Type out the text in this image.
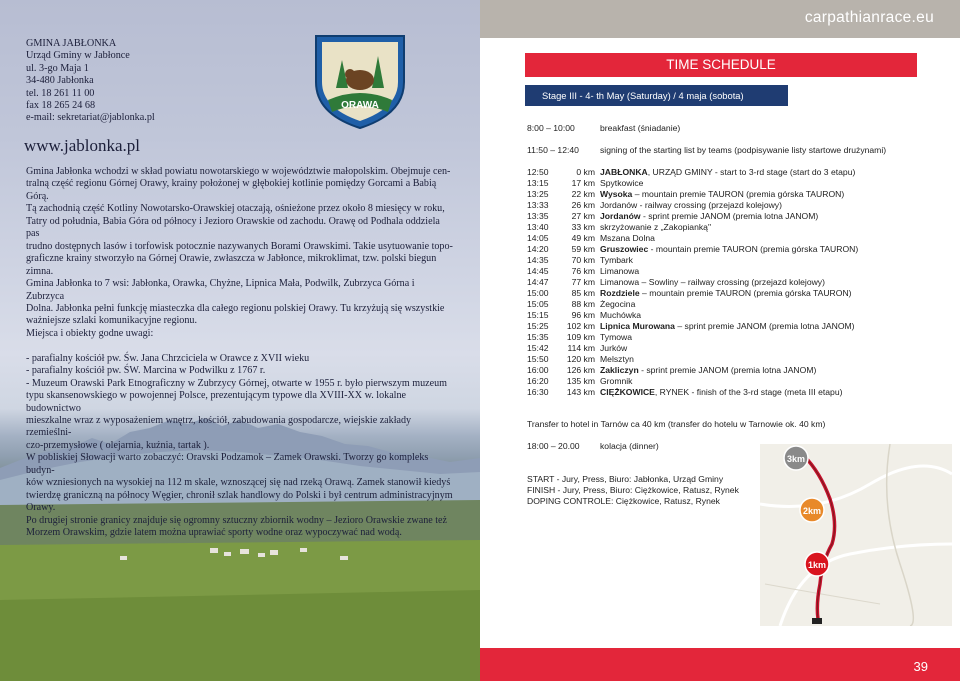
GMINA JABŁONKA
Urząd Gminy w Jabłonce
ul. 3-go Maja 1
34-480 Jabłonka
tel. 18 261 11 00
fax 18 265 24 68
e-mail: sekretariat@jablonka.pl
www.jablonka.pl
ORAWA

Gmina Jabłonka wchodzi w skład powiatu nowotarskiego w województwie małopolskim. Obejmuje cen-
tralną część regionu Górnej Orawy, krainy położonej w głębokiej kotlinie pomiędzy Gorcami a Babią Górą.
Tą zachodnią część Kotliny Nowotarsko-Orawskiej otaczają, ośnieżone przez około 8 miesięcy w roku,
Tatry od południa, Babia Góra od północy i Jezioro Orawskie od zachodu. Orawę od Podhala oddziela pas
trudno dostępnych lasów i torfowisk potocznie nazywanych Borami Orawskimi. Takie usytuowanie topo-
graficzne krainy stworzyło na Górnej Orawie, zwłaszcza w Jabłonce, mikroklimat, tzw. polski biegun zimna.
Gmina Jabłonka to 7 wsi: Jabłonka, Orawka, Chyżne, Lipnica Mała, Podwilk, Zubrzyca Górna i Zubrzyca
Dolna. Jabłonka pełni funkcję miasteczka dla całego regionu polskiej Orawy. Tu krzyżują się wszystkie
ważniejsze szlaki komunikacyjne regionu.
Miejsca i obiekty godne uwagi:

- parafialny kościół pw. Św. Jana Chrzciciela w Orawce z XVII wieku
- parafialny kościół pw. ŚW. Marcina w Podwilku z 1767 r.
- Muzeum Orawski Park Etnograficzny w Zubrzycy Górnej, otwarte w 1955 r. było pierwszym muzeum
typu skansenowskiego w powojennej Polsce, prezentującym typowe dla XVIII-XX w. lokalne budownictwo
mieszkalne wraz z wyposażeniem wnętrz, kościół, zabudowania gospodarcze, wiejskie zakłady rzemieślni-
czo-przemysłowe ( olejarnia, kuźnia, tartak ).
W pobliskiej Słowacji warto zobaczyć: Oravski Podzamok – Zamek Orawski. Tworzy go kompleks budyn-
ków wzniesionych na wysokiej na 112 m skale, wznoszącej się nad rzeką Orawą. Zamek stanowił kiedyś
twierdzę graniczną na północy Węgier, chronił szlak handlowy do Polski i był centrum administracyjnym
Orawy.
Po drugiej stronie granicy znajduje się ogromny sztuczny zbiornik wodny – Jezioro Orawskie zwane też
Morzem Orawskim, gdzie latem można uprawiać sporty wodne oraz wypoczywać nad wodą.

carpathianrace.eu
TIME SCHEDULE
Stage III - 4- th May (Saturday) / 4 maja (sobota)
8:00 – 10:00	breakfast (śniadanie)
11:50 – 12:40 signing of the starting list by teams (podpisywanie listy startowe drużynami)
12:50	0 km JABŁONKA, URZĄD GMINY - start to 3-rd stage (start do 3 etapu)
13:15	17 km Spytkowice
13:25	22 km Wysoka – mountain premie TAURON (premia górska TAURON)
13:33	26 km Jordanów - railway crossing (przejazd kolejowy)
13:35	27 km Jordanów - sprint premie JANOM (premia lotna JANOM)
13:40	33 km skrzyżowanie z „Zakopianką"
14:05	49 km Mszana Dolna
14:20	59 km Gruszowiec - mountain premie TAURON (premia górska TAURON)
14:35	70 km Tymbark
14:45	76 km Limanowa
14:47	77 km Limanowa – Sowliny – railway crossing (przejazd kolejowy)
15:00	85 km Rozdziele – mountain premie TAURON (premia górska TAURON)
15:05	88 km Żegocina
15:15	96 km Muchówka
15:25	102 km Lipnica Murowana – sprint premie JANOM (premia lotna JANOM)
15:35	109 km Tymowa
15:42	114 km Jurków
15:50	120 km Melsztyn
16:00	126 km Zakliczyn - sprint premie JANOM (premia lotna JANOM)
16:20	135 km Gromnik
16:30	143 km CIĘŻKOWICE, RYNEK - finish of the 3-rd stage (meta III etapu)
Transfer to hotel in Tarnów ca 40 km (transfer do hotelu w Tarnowie ok. 40 km)
18:00 – 20.00 kolacja (dinner)
START - Jury, Press, Biuro: Jabłonka, Urząd Gminy
FINISH - Jury, Press, Biuro: Ciężkowice, Ratusz, Rynek
DOPING CONTROLE: Ciężkowice, Ratusz, Rynek
3km
2km
1km
39
